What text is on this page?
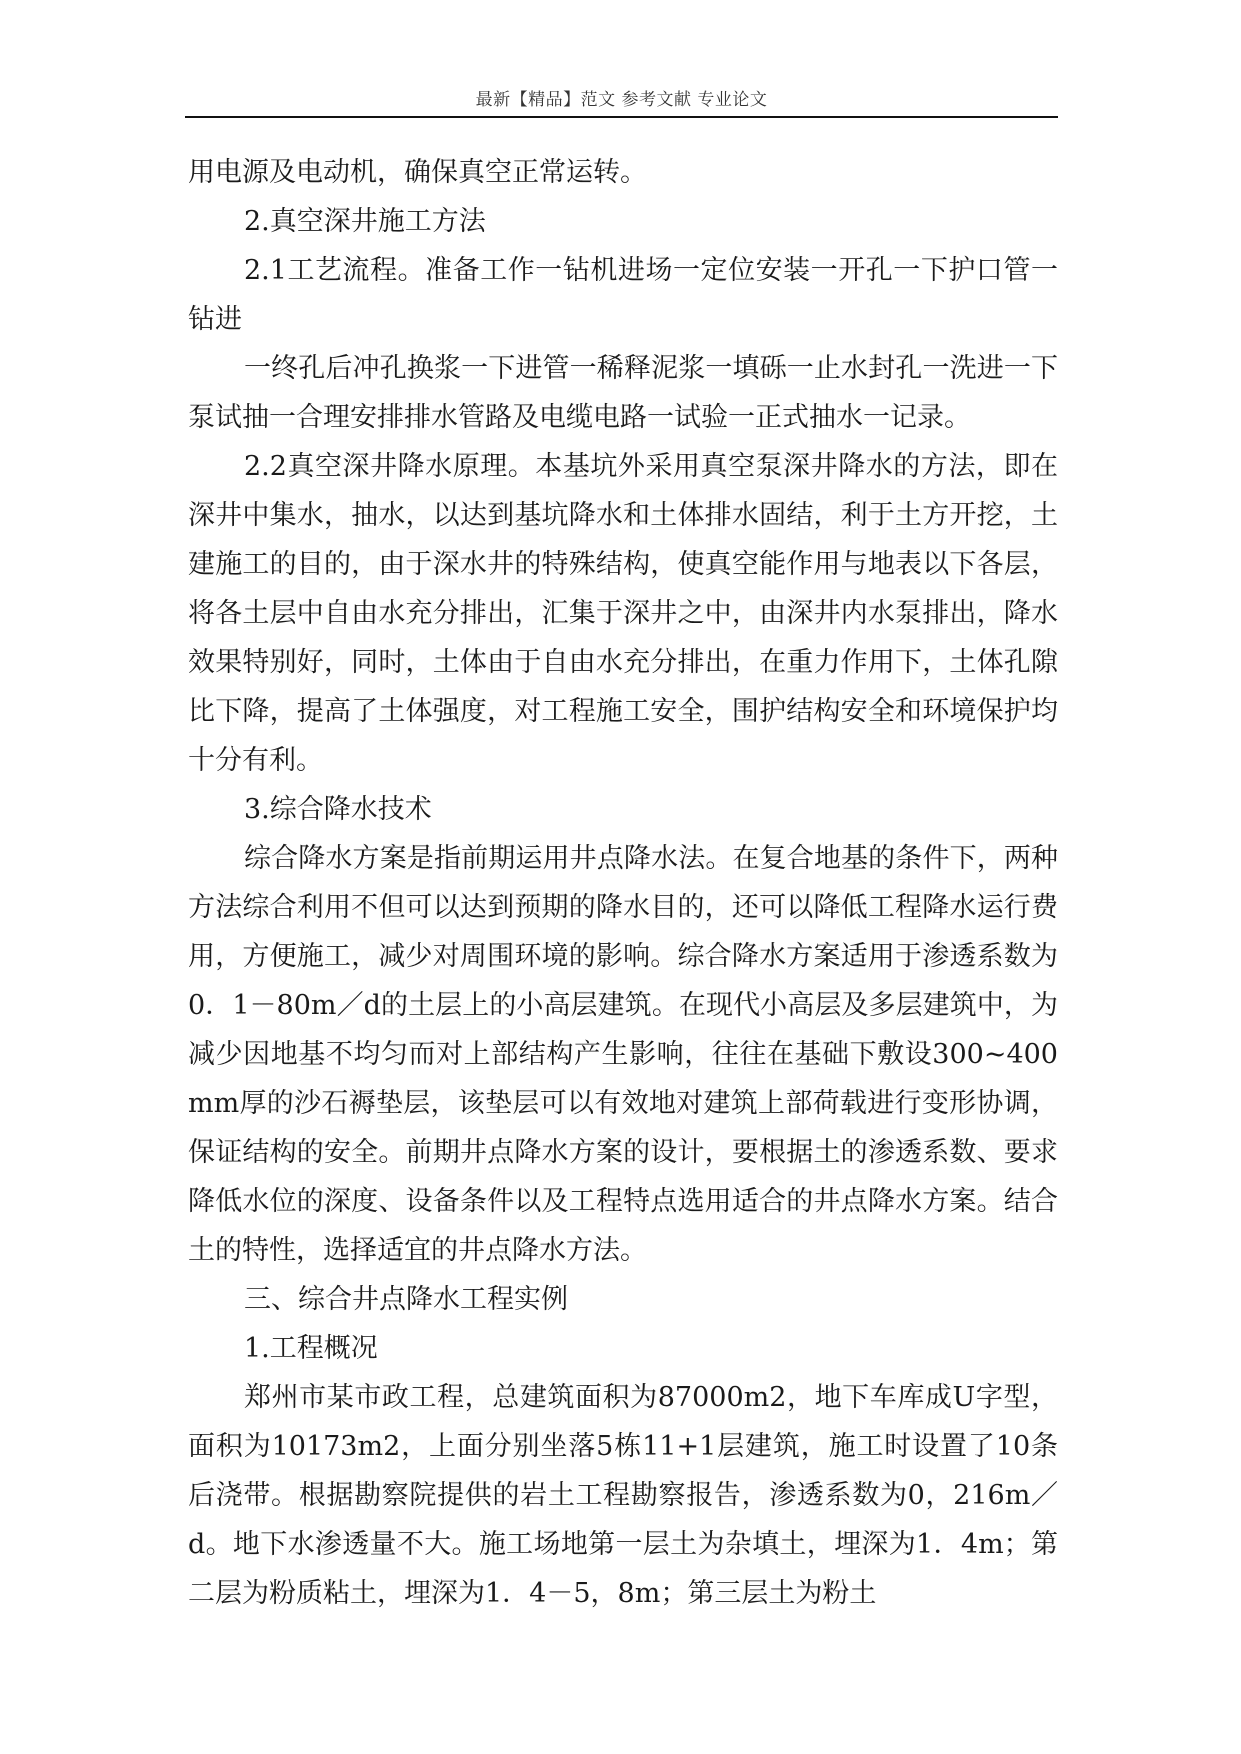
最新【精品】范文 参考文献 专业论文

用电源及电动机，确保真空正常运转。

2.真空深井施工方法

2.1工艺流程。准备工作一钻机进场一定位安装一开孔一下护口管一钻进

一终孔后冲孔换浆一下进管一稀释泥浆一填砾一止水封孔一洗进一下泵试抽一合理安排排水管路及电缆电路一试验一正式抽水一记录。

2.2真空深井降水原理。本基坑外采用真空泵深井降水的方法，即在深井中集水，抽水，以达到基坑降水和土体排水固结，利于土方开挖，土建施工的目的，由于深水井的特殊结构，使真空能作用与地表以下各层，将各土层中自由水充分排出，汇集于深井之中，由深井内水泵排出，降水效果特别好，同时，土体由于自由水充分排出，在重力作用下，土体孔隙比下降，提高了土体强度，对工程施工安全，围护结构安全和环境保护均十分有利。

3.综合降水技术

综合降水方案是指前期运用井点降水法。在复合地基的条件下，两种方法综合利用不但可以达到预期的降水目的，还可以降低工程降水运行费用，方便施工，减少对周围环境的影响。综合降水方案适用于渗透系数为0．1－80m／d的土层上的小高层建筑。在现代小高层及多层建筑中，为减少因地基不均匀而对上部结构产生影响，往往在基础下敷设300~400mm厚的沙石褥垫层，该垫层可以有效地对建筑上部荷载进行变形协调，保证结构的安全。前期井点降水方案的设计，要根据土的渗透系数、要求降低水位的深度、设备条件以及工程特点选用适合的井点降水方案。结合土的特性，选择适宜的井点降水方法。

三、综合井点降水工程实例

1.工程概况

郑州市某市政工程，总建筑面积为87000m2，地下车库成U字型，面积为10173m2，上面分别坐落5栋11+1层建筑，施工时设置了10条后浇带。根据勘察院提供的岩土工程勘察报告，渗透系数为0，216m／d。地下水渗透量不大。施工场地第一层土为杂填土，埋深为1．4m；第二层为粉质粘土，埋深为1．4－5，8m；第三层土为粉土
